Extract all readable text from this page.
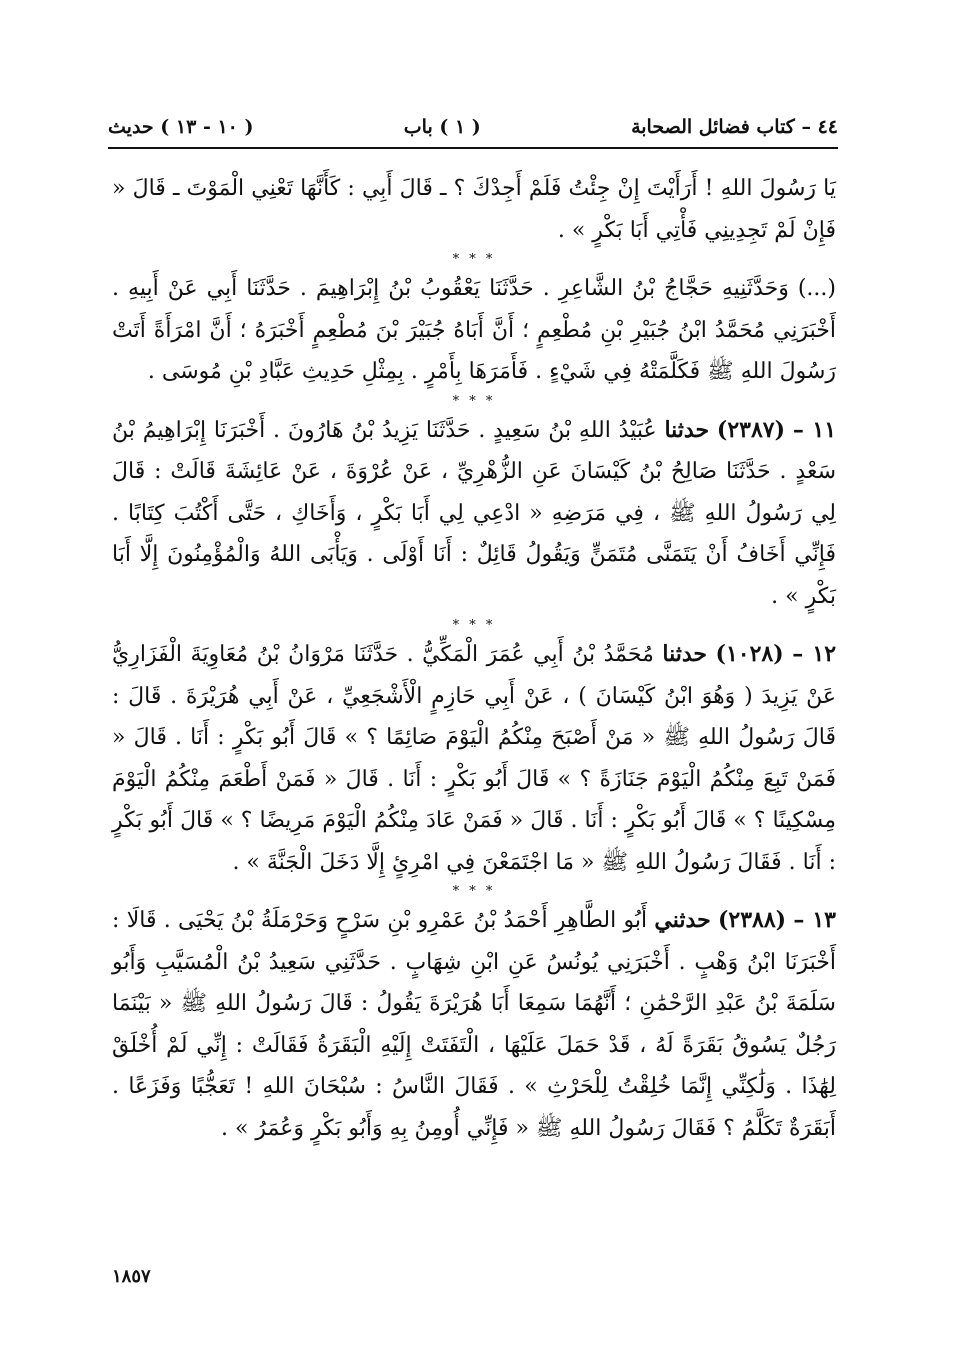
٤٤ – كتاب فضائل الصحابة
( ١ ) باب
( ١٠ - ١٣ ) حديث

يَا رَسُولَ اللهِ ! أَرَأَيْتَ إِنْ جِئْتُ فَلَمْ أَجِدْكَ ؟ ـ قَالَ أَبِي : كَأَنَّهَا تَعْنِي الْمَوْتَ ـ قَالَ « فَإِنْ لَمْ تَجِدِينِي فَأْتِي أَبَا بَكْرٍ » .

* * *

(...) وَحَدَّثَنِيهِ حَجَّاجُ بْنُ الشَّاعِرِ . حَدَّثَنَا يَعْقُوبُ بْنُ إِبْرَاهِيمَ . حَدَّثَنَا أَبِي عَنْ أَبِيهِ . أَخْبَرَنِي مُحَمَّدُ ابْنُ جُبَيْرِ بْنِ مُطْعِمٍ ؛ أَنَّ أَبَاهُ جُبَيْرَ بْنَ مُطْعِمٍ أَخْبَرَهُ ؛ أَنَّ امْرَأَةً أَتَتْ رَسُولَ اللهِ ﷺ فَكَلَّمَتْهُ فِي شَيْءٍ . فَأَمَرَهَا بِأَمْرٍ . بِمِثْلِ حَدِيثِ عَبَّادِ بْنِ مُوسَى .

* * *

١١ – (٢٣٨٧) حدثنا عُبَيْدُ اللهِ بْنُ سَعِيدٍ . حَدَّثَنَا يَزِيدُ بْنُ هَارُونَ . أَخْبَرَنَا إِبْرَاهِيمُ بْنُ سَعْدٍ . حَدَّثَنَا صَالِحُ بْنُ كَيْسَانَ عَنِ الزُّهْرِيِّ ، عَنْ عُرْوَةَ ، عَنْ عَائِشَةَ قَالَتْ : قَالَ لِي رَسُولُ اللهِ ﷺ ، فِي مَرَضِهِ « ادْعِي لِي أَبَا بَكْرٍ ، وَأَخَاكِ ، حَتَّى أَكْتُبَ كِتَابًا . فَإِنِّي أَخَافُ أَنْ يَتَمَنَّى مُتَمَنٍّ وَيَقُولُ قَائِلٌ : أَنَا أَوْلَى . وَيَأْبَى اللهُ وَالْمُؤْمِنُونَ إِلَّا أَبَا بَكْرٍ » .

* * *

١٢ – (١٠٢٨) حدثنا مُحَمَّدُ بْنُ أَبِي عُمَرَ الْمَكِّيُّ . حَدَّثَنَا مَرْوَانُ بْنُ مُعَاوِيَةَ الْفَزَارِيُّ عَنْ يَزِيدَ ( وَهُوَ ابْنُ كَيْسَانَ ) ، عَنْ أَبِي حَازِمٍ الْأَشْجَعِيِّ ، عَنْ أَبِي هُرَيْرَةَ . قَالَ : قَالَ رَسُولُ اللهِ ﷺ « مَنْ أَصْبَحَ مِنْكُمُ الْيَوْمَ صَائِمًا ؟ » قَالَ أَبُو بَكْرٍ : أَنَا . قَالَ « فَمَنْ تَبِعَ مِنْكُمُ الْيَوْمَ جَنَازَةً ؟ » قَالَ أَبُو بَكْرٍ : أَنَا . قَالَ « فَمَنْ أَطْعَمَ مِنْكُمُ الْيَوْمَ مِسْكِينًا ؟ » قَالَ أَبُو بَكْرٍ : أَنَا . قَالَ « فَمَنْ عَادَ مِنْكُمُ الْيَوْمَ مَرِيضًا ؟ » قَالَ أَبُو بَكْرٍ : أَنَا . فَقَالَ رَسُولُ اللهِ ﷺ « مَا اجْتَمَعْنَ فِي امْرِئٍ إِلَّا دَخَلَ الْجَنَّةَ » .

* * *

١٣ – (٢٣٨٨) حدثني أَبُو الطَّاهِرِ أَحْمَدُ بْنُ عَمْرِو بْنِ سَرْحٍ وَحَرْمَلَةُ بْنُ يَحْيَى . قَالَا : أَخْبَرَنَا ابْنُ وَهْبٍ . أَخْبَرَنِي يُونُسُ عَنِ ابْنِ شِهَابٍ . حَدَّثَنِي سَعِيدُ بْنُ الْمُسَيَّبِ وَأَبُو سَلَمَةَ بْنُ عَبْدِ الرَّحْمَٰنِ ؛ أَنَّهُمَا سَمِعَا أَبَا هُرَيْرَةَ يَقُولُ : قَالَ رَسُولُ اللهِ ﷺ « بَيْنَمَا رَجُلٌ يَسُوقُ بَقَرَةً لَهُ ، قَدْ حَمَلَ عَلَيْهَا ، الْتَفَتَتْ إِلَيْهِ الْبَقَرَةُ فَقَالَتْ : إِنِّي لَمْ أُخْلَقْ لِهَٰذَا . وَلَٰكِنِّي إِنَّمَا خُلِقْتُ لِلْحَرْثِ » . فَقَالَ النَّاسُ : سُبْحَانَ اللهِ ! تَعَجُّبًا وَفَزَعًا . أَبَقَرَةٌ تَكَلَّمُ ؟ فَقَالَ رَسُولُ اللهِ ﷺ « فَإِنِّي أُومِنُ بِهِ وَأَبُو بَكْرٍ وَعُمَرُ » .

١٨٥٧
